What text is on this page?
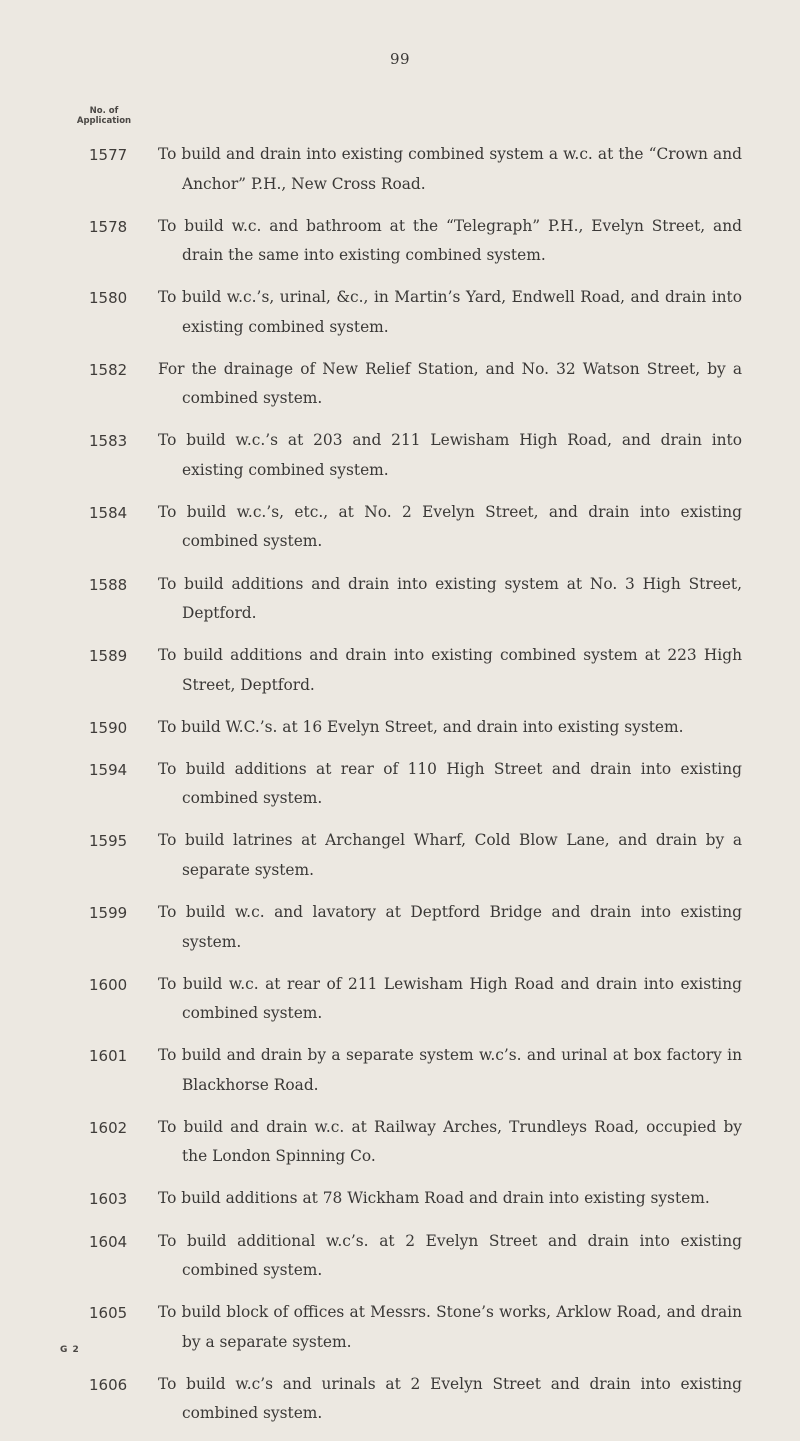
99
No. of Application
1577 To build and drain into existing combined system a w.c. at the “Crown and Anchor” P.H., New Cross Road.
1578 To build w.c. and bathroom at the “Telegraph” P.H., Evelyn Street, and drain the same into existing combined system.
1580 To build w.c.’s, urinal, &c., in Martin’s Yard, Endwell Road, and drain into existing combined system.
1582 For the drainage of New Relief Station, and No. 32 Watson Street, by a combined system.
1583 To build w.c.’s at 203 and 211 Lewisham High Road, and drain into existing combined system.
1584 To build w.c.’s, etc., at No. 2 Evelyn Street, and drain into existing combined system.
1588 To build additions and drain into existing system at No. 3 High Street, Deptford.
1589 To build additions and drain into existing combined system at 223 High Street, Deptford.
1590 To build W.C.’s. at 16 Evelyn Street, and drain into existing system.
1594 To build additions at rear of 110 High Street and drain into existing combined system.
1595 To build latrines at Archangel Wharf, Cold Blow Lane, and drain by a separate system.
1599 To build w.c. and lavatory at Deptford Bridge and drain into existing system.
1600 To build w.c. at rear of 211 Lewisham High Road and drain into existing combined system.
1601 To build and drain by a separate system w.c’s. and urinal at box factory in Blackhorse Road.
1602 To build and drain w.c. at Railway Arches, Trundleys Road, occupied by the London Spinning Co.
1603 To build additions at 78 Wickham Road and drain into existing system.
1604 To build additional w.c’s. at 2 Evelyn Street and drain into existing combined system.
1605 To build block of offices at Messrs. Stone’s works, Arklow Road, and drain by a separate system.
1606 To build w.c’s and urinals at 2 Evelyn Street and drain into existing combined system.
G 2
